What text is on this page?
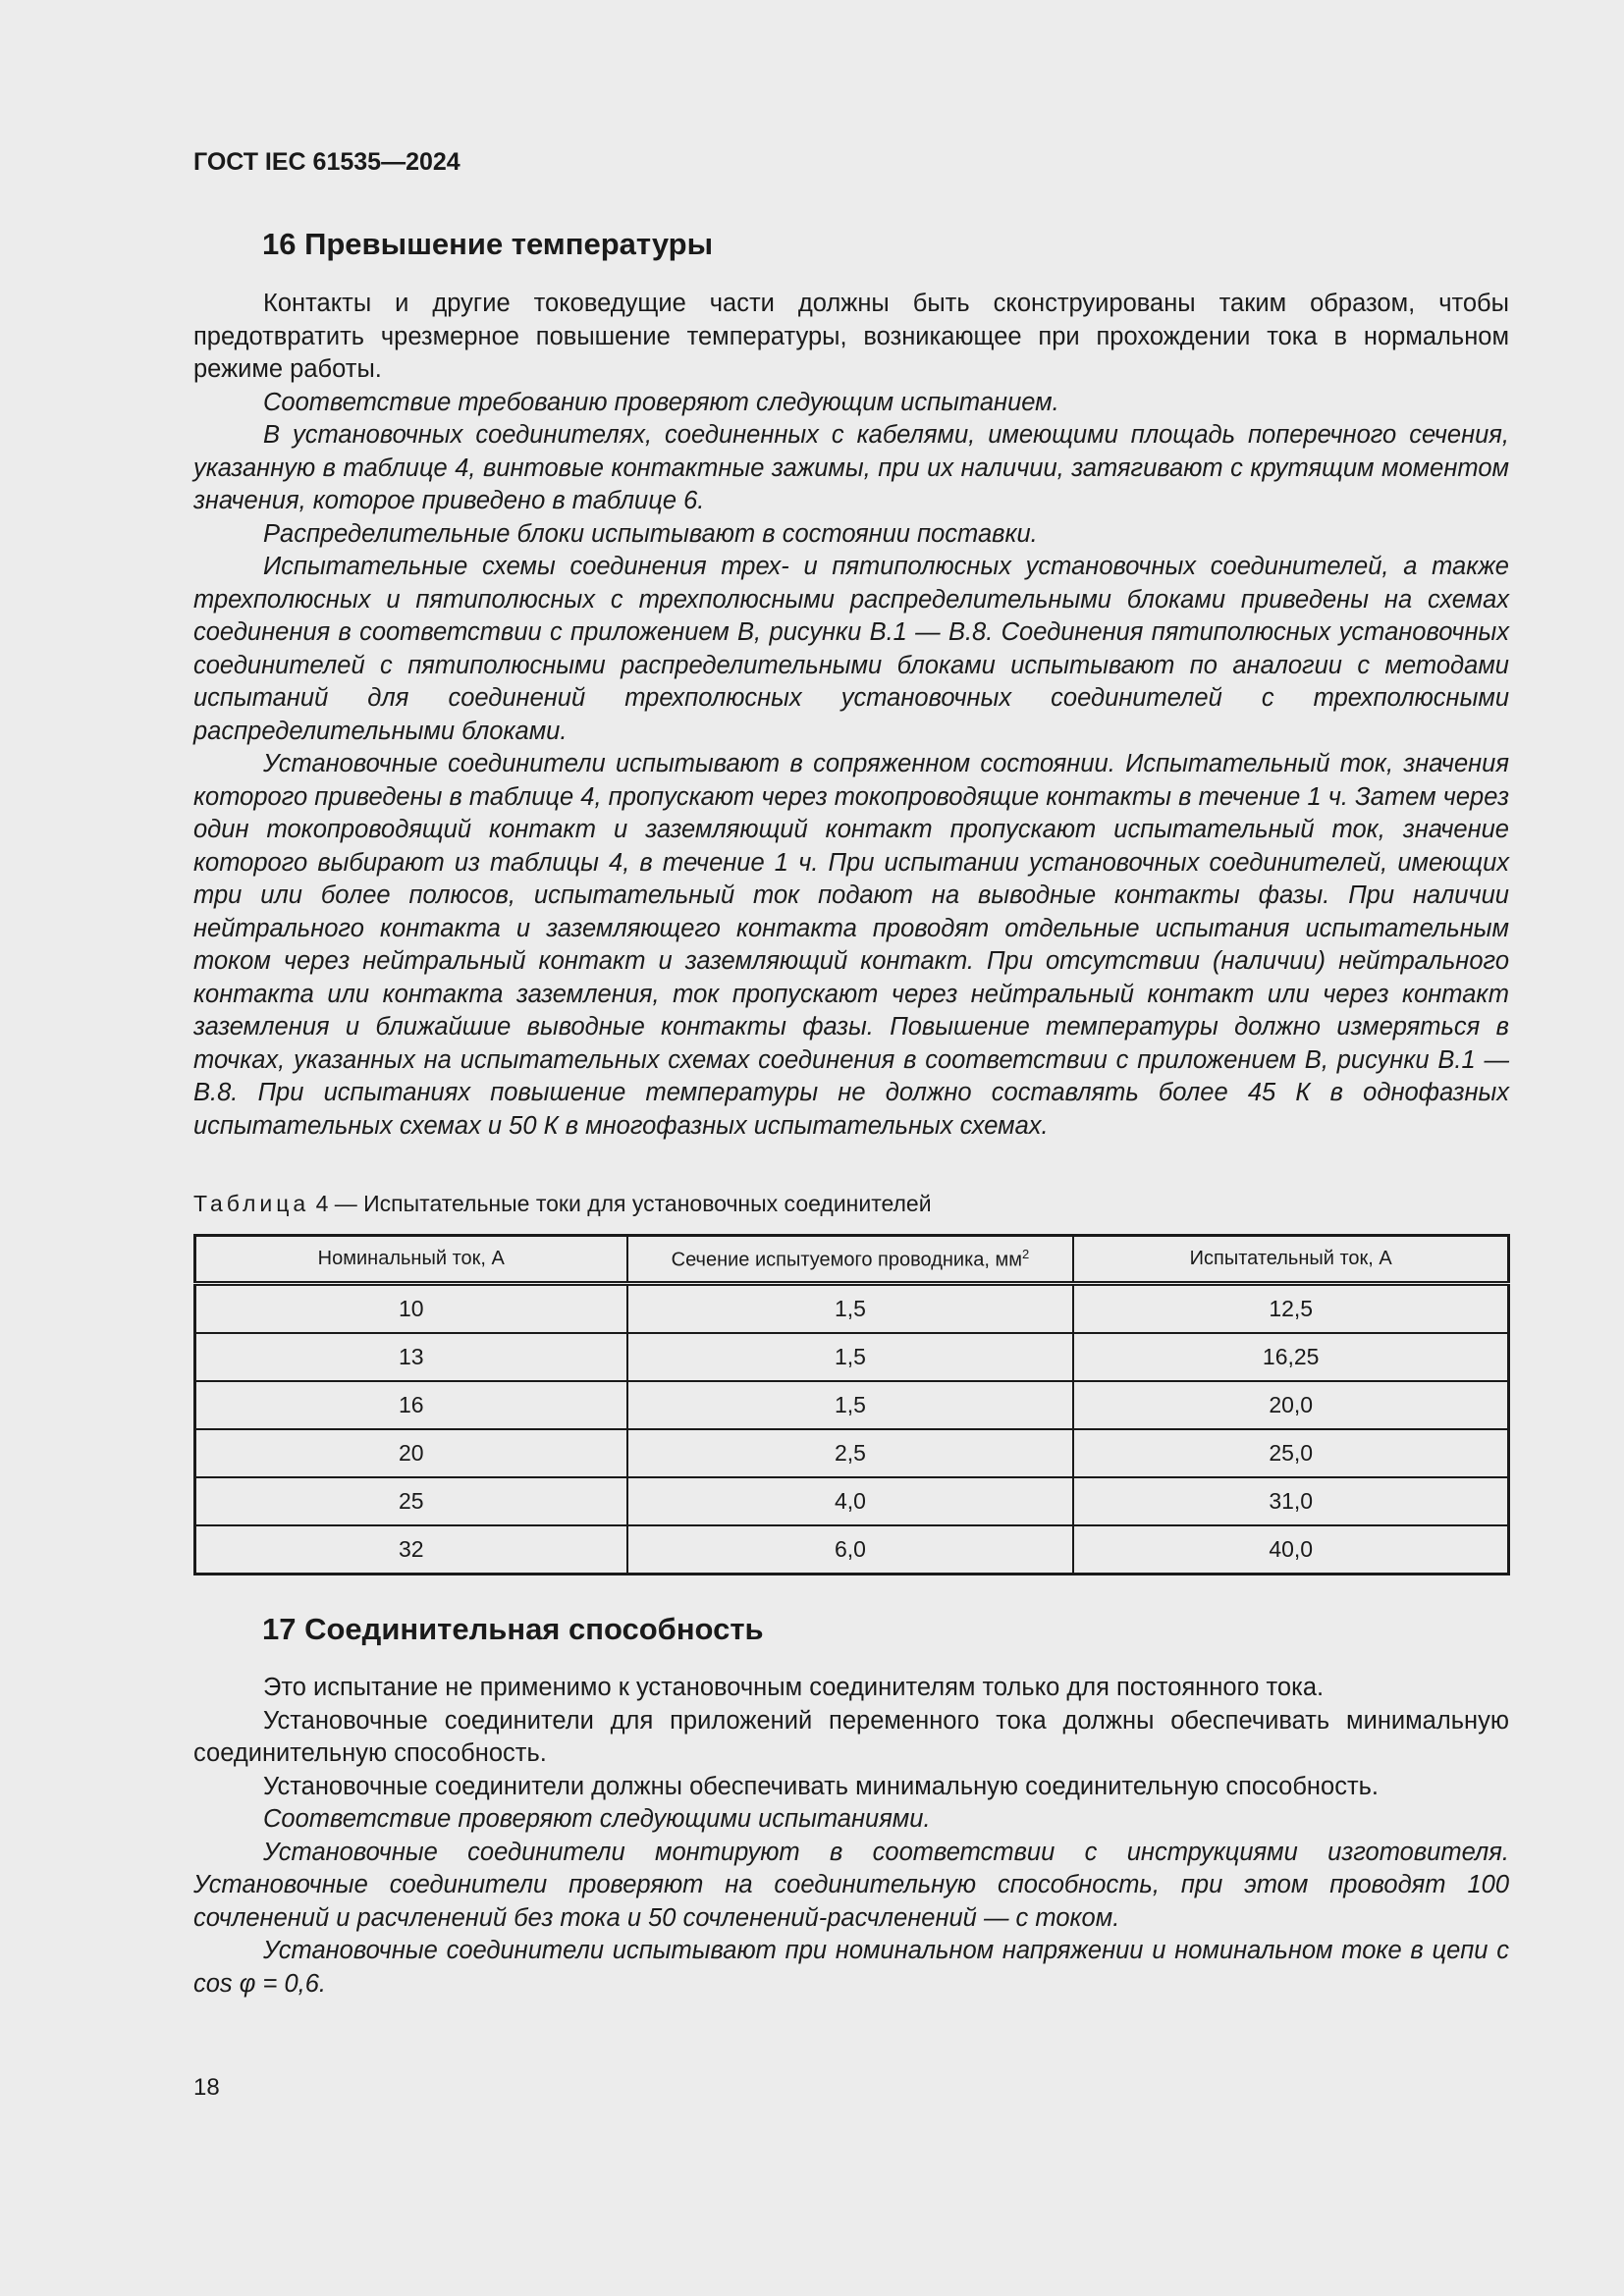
ГОСТ IEC 61535—2024
16 Превышение температуры

Контакты и другие токоведущие части должны быть сконструированы таким образом, чтобы предотвратить чрезмерное повышение температуры, возникающее при прохождении тока в нормальном режиме работы.

Соответствие требованию проверяют следующим испытанием.

В установочных соединителях, соединенных с кабелями, имеющими площадь поперечного сечения, указанную в таблице 4, винтовые контактные зажимы, при их наличии, затягивают с крутящим моментом значения, которое приведено в таблице 6.

Распределительные блоки испытывают в состоянии поставки.

Испытательные схемы соединения трех- и пятиполюсных установочных соединителей, а также трехполюсных и пятиполюсных с трехполюсными распределительными блоками приведены на схемах соединения в соответствии с приложением В, рисунки В.1 — В.8. Соединения пятиполюсных установочных соединителей с пятиполюсными распределительными блоками испытывают по аналогии с методами испытаний для соединений трехполюсных установочных соединителей с трехполюсными распределительными блоками.

Установочные соединители испытывают в сопряженном состоянии. Испытательный ток, значения которого приведены в таблице 4, пропускают через токопроводящие контакты в течение 1 ч. Затем через один токопроводящий контакт и заземляющий контакт пропускают испытательный ток, значение которого выбирают из таблицы 4, в течение 1 ч. При испытании установочных соединителей, имеющих три или более полюсов, испытательный ток подают на выводные контакты фазы. При наличии нейтрального контакта и заземляющего контакта проводят отдельные испытания испытательным током через нейтральный контакт и заземляющий контакт. При отсутствии (наличии) нейтрального контакта или контакта заземления, ток пропускают через нейтральный контакт или через контакт заземления и ближайшие выводные контакты фазы. Повышение температуры должно измеряться в точках, указанных на испытательных схемах соединения в соответствии с приложением В, рисунки В.1 — В.8. При испытаниях повышение температуры не должно составлять более 45 К в однофазных испытательных схемах и 50 К в многофазных испытательных схемах.

Таблица 4 — Испытательные токи для установочных соединителей

Номинальный ток, А	Сечение испытуемого проводника, $мм^2$	Испытательный ток, А
10	1,5	12,5
13	1,5	16,25
16	1,5	20,0
20	2,5	25,0
25	4,0	31,0
32	6,0	40,0
17 Соединительная способность

Это испытание не применимо к установочным соединителям только для постоянного тока.

Установочные соединители для приложений переменного тока должны обеспечивать минимальную соединительную способность.

Установочные соединители должны обеспечивать минимальную соединительную способность.

Соответствие проверяют следующими испытаниями.

Установочные соединители монтируют в соответствии с инструкциями изготовителя. Установочные соединители проверяют на соединительную способность, при этом проводят 100 сочленений и расчленений без тока и 50 сочленений-расчленений — с током.

Установочные соединители испытывают при номинальном напряжении и номинальном токе в цепи с cos φ = 0,6.

18
